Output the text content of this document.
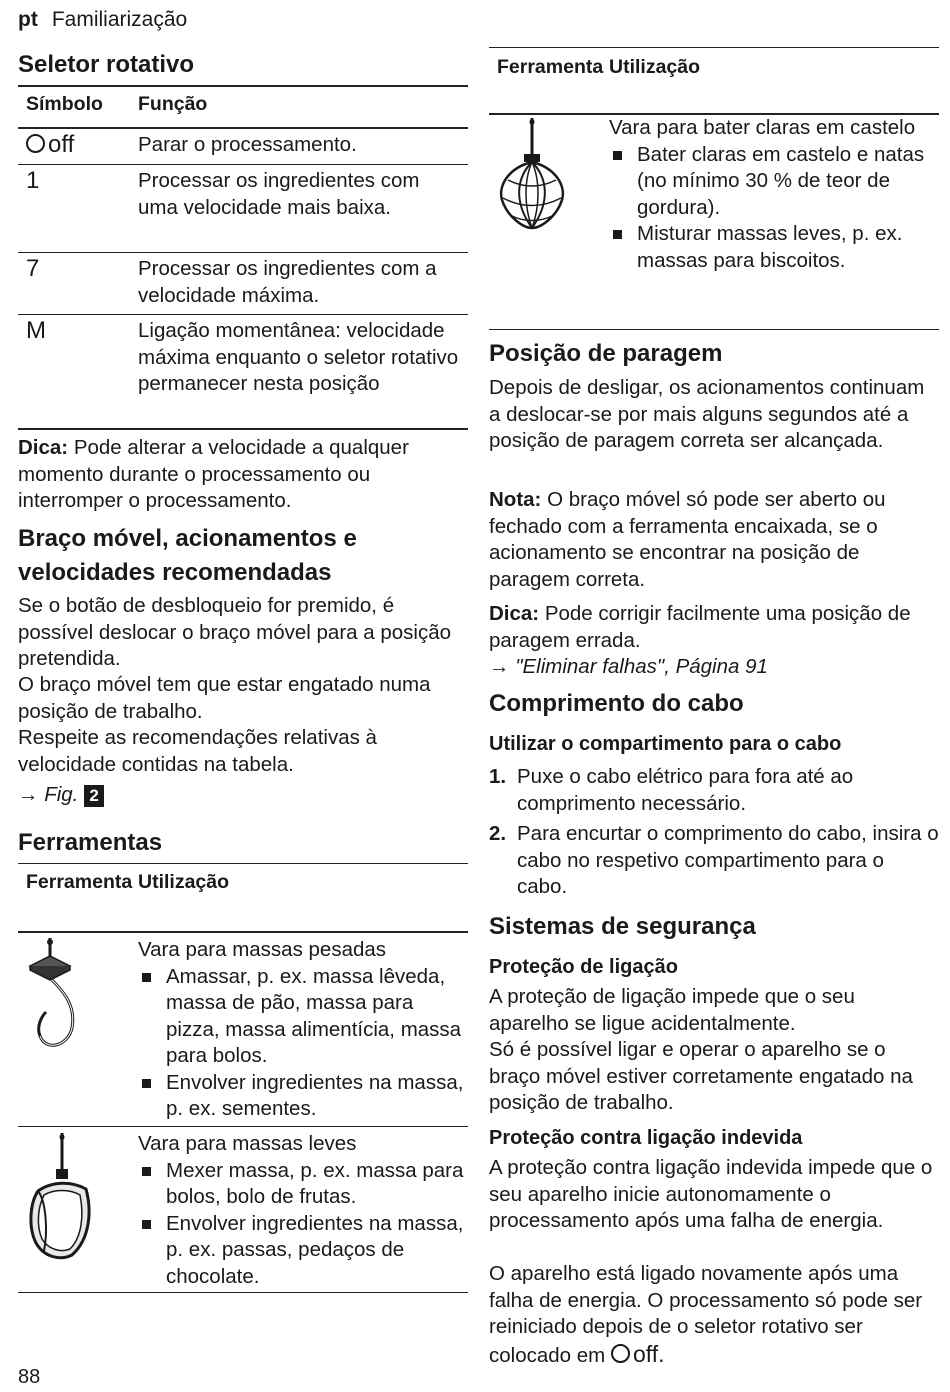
pt Familiarização
Seletor rotativo
Símbolo Função
off	Parar o processamento.
1	Processar os ingredientes com uma velocidade mais baixa.
7	Processar os ingredientes com a velocidade máxima.
M	Ligação momentânea: velocidade máxima enquanto o seletor rotativo permanecer nesta posição

Dica: Pode alterar a velocidade a qualquer momento durante o processamento ou interromper o processamento.

Braço móvel, acionamentos e velocidades recomendadas

Se o botão de desbloqueio for premido, é possível deslocar o braço móvel para a posição pretendida.

O braço móvel tem que estar engatado numa posição de trabalho.

Respeite as recomendações relativas à velocidade contidas na tabela.

→ Fig. 2

Ferramentas
Ferramenta Utilização
Vara para massas pesadas
Amassar, p. ex. massa lêveda, massa de pão, massa para pizza, massa alimentícia, massa para bolos.
Envolver ingredientes na massa, p. ex. sementes.
Vara para massas leves
Mexer massa, p. ex. massa para bolos, bolo de frutas.
Envolver ingredientes na massa, p. ex. passas, pedaços de chocolate.
88
Ferramenta Utilização
Vara para bater claras em castelo
Bater claras em castelo e natas (no mínimo 30 % de teor de gordura).
Misturar massas leves, p. ex. massas para biscoitos.
Posição de paragem

Depois de desligar, os acionamentos continuam a deslocar-se por mais alguns segundos até a posição de paragem correta ser alcançada.

Nota: O braço móvel só pode ser aberto ou fechado com a ferramenta encaixada, se o acionamento se encontrar na posição de paragem correta.

Dica: Pode corrigir facilmente uma posição de paragem errada.

→ "Eliminar falhas", Página 91

Comprimento do cabo
Utilizar o compartimento para o cabo
1. Puxe o cabo elétrico para fora até ao comprimento necessário.
2. Para encurtar o comprimento do cabo, insira o cabo no respetivo compartimento para o cabo.
Sistemas de segurança
Proteção de ligação

A proteção de ligação impede que o seu aparelho se ligue acidentalmente.

Só é possível ligar e operar o aparelho se o braço móvel estiver corretamente engatado na posição de trabalho.

Proteção contra ligação indevida

A proteção contra ligação indevida impede que o seu aparelho inicie autonomamente o processamento após uma falha de energia.

O aparelho está ligado novamente após uma falha de energia. O processamento só pode ser reiniciado depois de o seletor rotativo ser colocado em off.
